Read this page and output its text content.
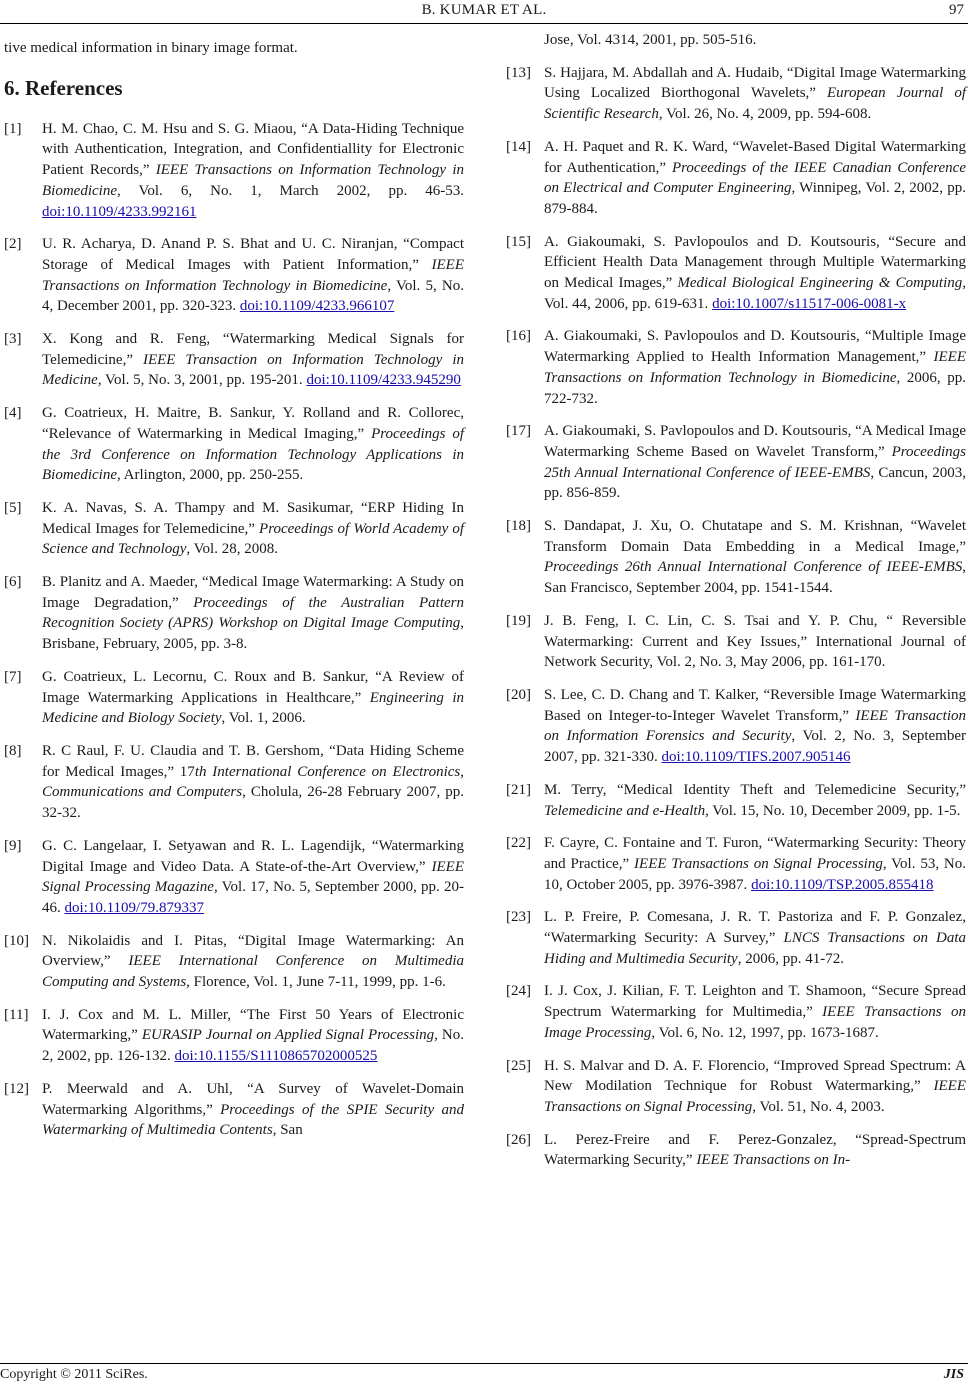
B. KUMAR ET AL.	97

tive medical information in binary image format.

6. References
[1]	H. M. Chao, C. M. Hsu and S. G. Miaou, “A Data-Hiding Technique with Authentication, Integration, and Confidentiallity for Electronic Patient Records,” IEEE Transactions on Information Technology in Biomedicine, Vol. 6, No. 1, March 2002, pp. 46-53. doi:10.1109/4233.992161
[2]	U. R. Acharya, D. Anand P. S. Bhat and U. C. Niranjan, “Compact Storage of Medical Images with Patient Information,” IEEE Transactions on Information Technology in Biomedicine, Vol. 5, No. 4, December 2001, pp. 320-323. doi:10.1109/4233.966107
[3]	X. Kong and R. Feng, “Watermarking Medical Signals for Telemedicine,” IEEE Transaction on Information Technology in Medicine, Vol. 5, No. 3, 2001, pp. 195-201. doi:10.1109/4233.945290
[4]	G. Coatrieux, H. Maitre, B. Sankur, Y. Rolland and R. Collorec, “Relevance of Watermarking in Medical Imaging,” Proceedings of the 3rd Conference on Information Technology Applications in Biomedicine, Arlington, 2000, pp. 250-255.
[5]	K. A. Navas, S. A. Thampy and M. Sasikumar, “ERP Hiding In Medical Images for Telemedicine,” Proceedings of World Academy of Science and Technology, Vol. 28, 2008.
[6]	B. Planitz and A. Maeder, “Medical Image Watermarking: A Study on Image Degradation,” Proceedings of the Australian Pattern Recognition Society (APRS) Workshop on Digital Image Computing, Brisbane, February, 2005, pp. 3-8.
[7]	G. Coatrieux, L. Lecornu, C. Roux and B. Sankur, “A Review of Image Watermarking Applications in Healthcare,” Engineering in Medicine and Biology Society, Vol. 1, 2006.
[8]	R. C Raul, F. U. Claudia and T. B. Gershom, “Data Hiding Scheme for Medical Images,” 17th International Conference on Electronics, Communications and Computers, Cholula, 26-28 February 2007, pp. 32-32.
[9]	G. C. Langelaar, I. Setyawan and R. L. Lagendijk, “Watermarking Digital Image and Video Data. A State-of-the-Art Overview,” IEEE Signal Processing Magazine, Vol. 17, No. 5, September 2000, pp. 20-46. doi:10.1109/79.879337
[10] N. Nikolaidis and I. Pitas, “Digital Image Watermarking: An Overview,” IEEE International Conference on Multimedia Computing and Systems, Florence, Vol. 1, June 7-11, 1999, pp. 1-6.
[11] I. J. Cox and M. L. Miller, “The First 50 Years of Electronic Watermarking,” EURASIP Journal on Applied Signal Processing, No. 2, 2002, pp. 126-132. doi:10.1155/S1110865702000525
[12] P. Meerwald and A. Uhl, “A Survey of Wavelet-Domain Watermarking Algorithms,” Proceedings of the SPIE Security and Watermarking of Multimedia Contents, San
Jose, Vol. 4314, 2001, pp. 505-516.
[13] S. Hajjara, M. Abdallah and A. Hudaib, “Digital Image Watermarking Using Localized Biorthogonal Wavelets,” European Journal of Scientific Research, Vol. 26, No. 4, 2009, pp. 594-608.
[14] A. H. Paquet and R. K. Ward, “Wavelet-Based Digital Watermarking for Authentication,” Proceedings of the IEEE Canadian Conference on Electrical and Computer Engineering, Winnipeg, Vol. 2, 2002, pp. 879-884.
[15] A. Giakoumaki, S. Pavlopoulos and D. Koutsouris, “Secure and Efficient Health Data Management through Multiple Watermarking on Medical Images,” Medical Biological Engineering & Computing, Vol. 44, 2006, pp. 619-631. doi:10.1007/s11517-006-0081-x
[16] A. Giakoumaki, S. Pavlopoulos and D. Koutsouris, “Multiple Image Watermarking Applied to Health Information Management,” IEEE Transactions on Information Technology in Biomedicine, 2006, pp. 722-732.
[17] A. Giakoumaki, S. Pavlopoulos and D. Koutsouris, “A Medical Image Watermarking Scheme Based on Wavelet Transform,” Proceedings 25th Annual International Conference of IEEE-EMBS, Cancun, 2003, pp. 856-859.
[18] S. Dandapat, J. Xu, O. Chutatape and S. M. Krishnan, “Wavelet Transform Domain Data Embedding in a Medical Image,” Proceedings 26th Annual International Conference of IEEE-EMBS, San Francisco, September 2004, pp. 1541-1544.
[19] J. B. Feng, I. C. Lin, C. S. Tsai and Y. P. Chu, “ Reversible Watermarking: Current and Key Issues,” International Journal of Network Security, Vol. 2, No. 3, May 2006, pp. 161-170.
[20] S. Lee, C. D. Chang and T. Kalker, “Reversible Image Watermarking Based on Integer-to-Integer Wavelet Transform,” IEEE Transaction on Information Forensics and Security, Vol. 2, No. 3, September 2007, pp. 321-330. doi:10.1109/TIFS.2007.905146
[21] M. Terry, “Medical Identity Theft and Telemedicine Security,” Telemedicine and e-Health, Vol. 15, No. 10, December 2009, pp. 1-5.
[22] F. Cayre, C. Fontaine and T. Furon, “Watermarking Security: Theory and Practice,” IEEE Transactions on Signal Processing, Vol. 53, No. 10, October 2005, pp. 3976-3987. doi:10.1109/TSP.2005.855418
[23] L. P. Freire, P. Comesana, J. R. T. Pastoriza and F. P. Gonzalez, “Watermarking Security: A Survey,” LNCS Transactions on Data Hiding and Multimedia Security, 2006, pp. 41-72.
[24] I. J. Cox, J. Kilian, F. T. Leighton and T. Shamoon, “Secure Spread Spectrum Watermarking for Multimedia,” IEEE Transactions on Image Processing, Vol. 6, No. 12, 1997, pp. 1673-1687.
[25] H. S. Malvar and D. A. F. Florencio, “Improved Spread Spectrum: A New Modilation Technique for Robust Watermarking,” IEEE Transactions on Signal Processing, Vol. 51, No. 4, 2003.
[26] L. Perez-Freire and F. Perez-Gonzalez, “Spread-Spectrum Watermarking Security,” IEEE Transactions on In-
Copyright © 2011 SciRes.	JIS
